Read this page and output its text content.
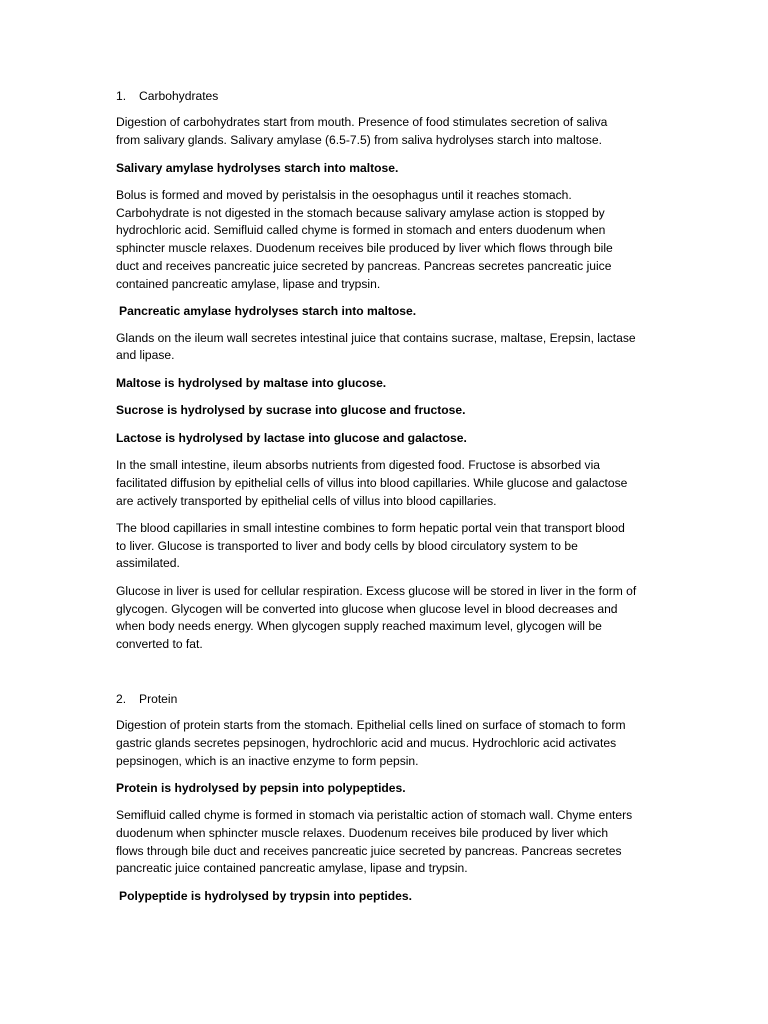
1. Carbohydrates
Digestion of carbohydrates start from mouth. Presence of food stimulates secretion of saliva
from salivary glands. Salivary amylase (6.5-7.5) from saliva hydrolyses starch into maltose.
Salivary amylase hydrolyses starch into maltose.
Bolus is formed and moved by peristalsis in the oesophagus until it reaches stomach.
Carbohydrate is not digested in the stomach because salivary amylase action is stopped by
hydrochloric acid. Semifluid called chyme is formed in stomach and enters duodenum when
sphincter muscle relaxes. Duodenum receives bile produced by liver which flows through bile
duct and receives pancreatic juice secreted by pancreas. Pancreas secretes pancreatic juice
contained pancreatic amylase, lipase and trypsin.
Pancreatic amylase hydrolyses starch into maltose.
Glands on the ileum wall secretes intestinal juice that contains sucrase, maltase, Erepsin, lactase
and lipase.
Maltose is hydrolysed by maltase into glucose.
Sucrose is hydrolysed by sucrase into glucose and fructose.
Lactose is hydrolysed by lactase into glucose and galactose.
In the small intestine, ileum absorbs nutrients from digested food. Fructose is absorbed via
facilitated diffusion by epithelial cells of villus into blood capillaries. While glucose and galactose
are actively transported by epithelial cells of villus into blood capillaries.
The blood capillaries in small intestine combines to form hepatic portal vein that transport blood
to liver. Glucose is transported to liver and body cells by blood circulatory system to be
assimilated.
Glucose in liver is used for cellular respiration. Excess glucose will be stored in liver in the form of
glycogen. Glycogen will be converted into glucose when glucose level in blood decreases and
when body needs energy. When glycogen supply reached maximum level, glycogen will be
converted to fat.
2. Protein
Digestion of protein starts from the stomach. Epithelial cells lined on surface of stomach to form
gastric glands secretes pepsinogen, hydrochloric acid and mucus. Hydrochloric acid activates
pepsinogen, which is an inactive enzyme to form pepsin.
Protein is hydrolysed by pepsin into polypeptides.
Semifluid called chyme is formed in stomach via peristaltic action of stomach wall. Chyme enters
duodenum when sphincter muscle relaxes. Duodenum receives bile produced by liver which
flows through bile duct and receives pancreatic juice secreted by pancreas. Pancreas secretes
pancreatic juice contained pancreatic amylase, lipase and trypsin.
Polypeptide is hydrolysed by trypsin into peptides.
